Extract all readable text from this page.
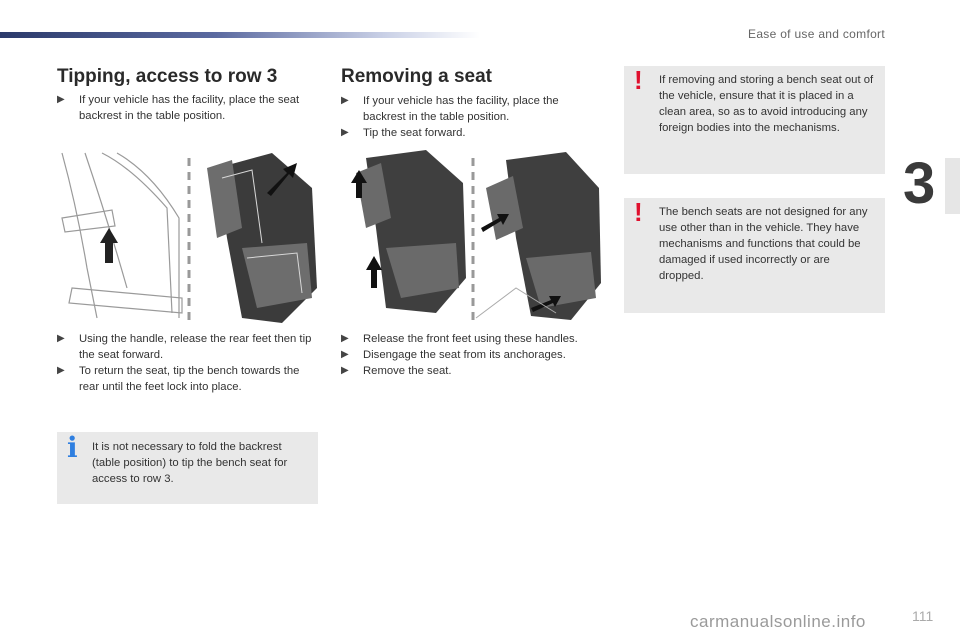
Ease of use and comfort
3
Tipping, access to row 3
▶︎ If your vehicle has the facility, place the seat backrest in the table position.
▶︎ Using the handle, release the rear feet then tip the seat forward.
▶︎ To return the seat, tip the bench towards the rear until the feet lock into place.
i It is not necessary to fold the backrest (table position) to tip the bench seat for access to row 3.
Removing a seat
▶︎ If your vehicle has the facility, place the backrest in the table position.
▶︎ Tip the seat forward.
▶︎ Release the front feet using these handles.
▶︎ Disengage the seat from its anchorages.
▶︎ Remove the seat.
! If removing and storing a bench seat out of the vehicle, ensure that it is placed in a clean area, so as to avoid introducing any foreign bodies into the mechanisms.
! The bench seats are not designed for any use other than in the vehicle. They have mechanisms and functions that could be damaged if used incorrectly or are dropped.
111
carmanualsonline.info
